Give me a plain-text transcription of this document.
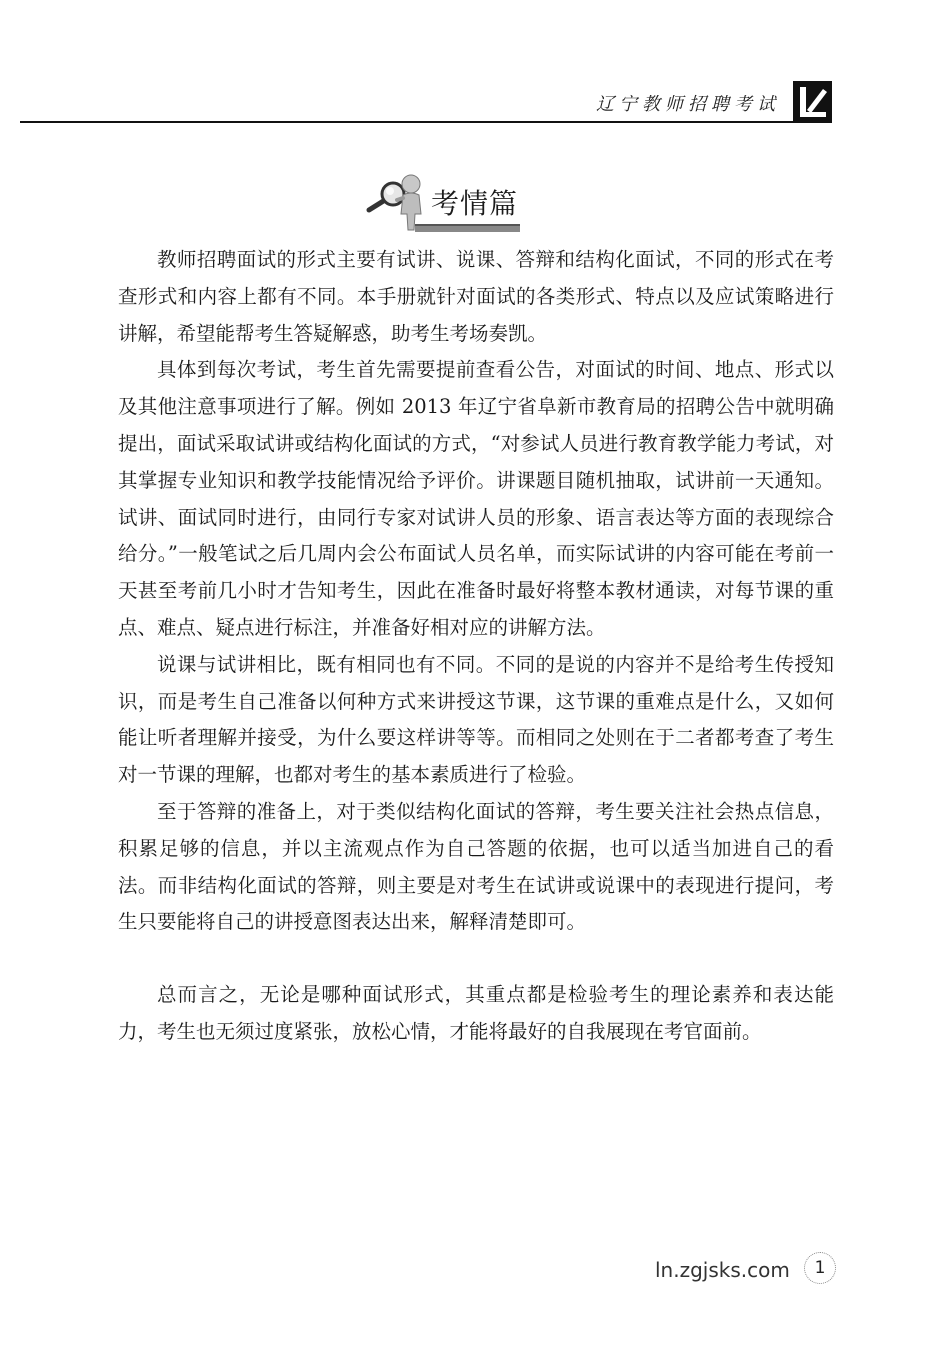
辽宁教师招聘考试
考情篇

教师招聘面试的形式主要有试讲、说课、答辩和结构化面试，不同的形式在考查形式和内容上都有不同。本手册就针对面试的各类形式、特点以及应试策略进行讲解，希望能帮考生答疑解惑，助考生考场奏凯。

具体到每次考试，考生首先需要提前查看公告，对面试的时间、地点、形式以及其他注意事项进行了解。例如 2013 年辽宁省阜新市教育局的招聘公告中就明确提出，面试采取试讲或结构化面试的方式，“对参试人员进行教育教学能力考试，对其掌握专业知识和教学技能情况给予评价。讲课题目随机抽取，试讲前一天通知。试讲、面试同时进行，由同行专家对试讲人员的形象、语言表达等方面的表现综合给分。”一般笔试之后几周内会公布面试人员名单，而实际试讲的内容可能在考前一天甚至考前几小时才告知考生，因此在准备时最好将整本教材通读，对每节课的重点、难点、疑点进行标注，并准备好相对应的讲解方法。

说课与试讲相比，既有相同也有不同。不同的是说的内容并不是给考生传授知识，而是考生自己准备以何种方式来讲授这节课，这节课的重难点是什么，又如何能让听者理解并接受，为什么要这样讲等等。而相同之处则在于二者都考查了考生对一节课的理解，也都对考生的基本素质进行了检验。

至于答辩的准备上，对于类似结构化面试的答辩，考生要关注社会热点信息，积累足够的信息，并以主流观点作为自己答题的依据，也可以适当加进自己的看法。而非结构化面试的答辩，则主要是对考生在试讲或说课中的表现进行提问，考生只要能将自己的讲授意图表达出来，解释清楚即可。

总而言之，无论是哪种面试形式，其重点都是检验考生的理论素养和表达能力，考生也无须过度紧张，放松心情，才能将最好的自我展现在考官面前。

ln.zgjsks.com	1
